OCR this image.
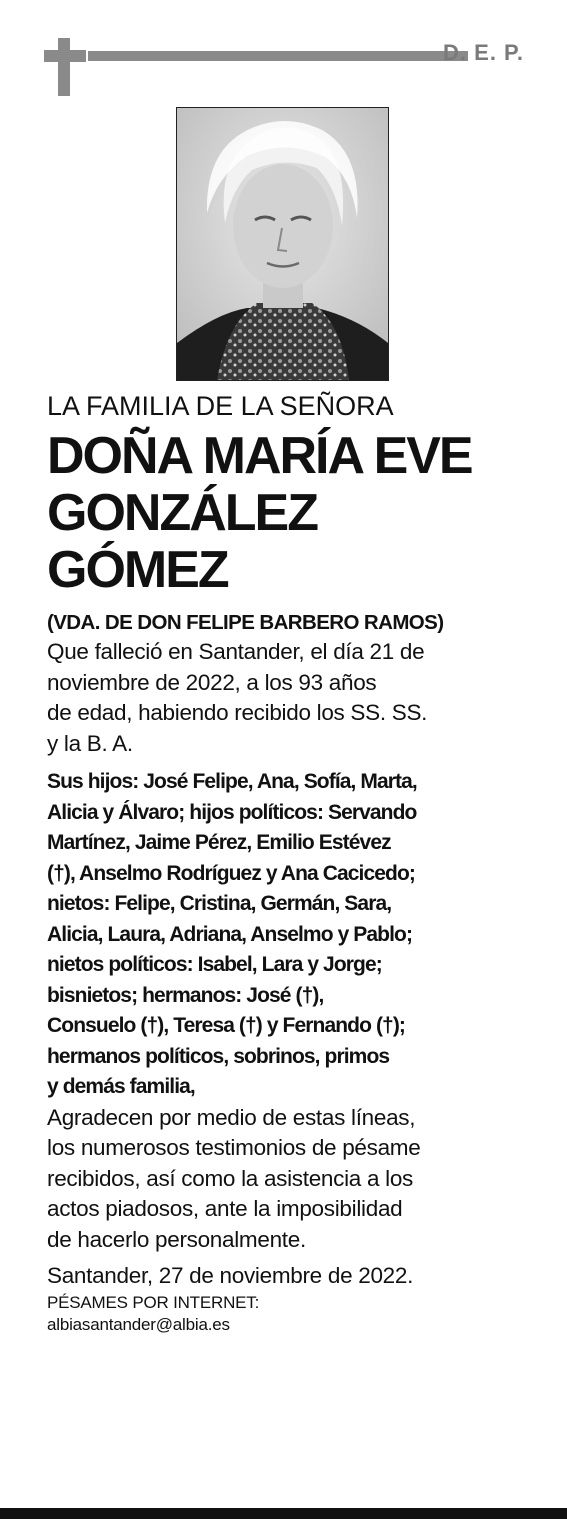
D. E. P.
LA FAMILIA DE LA SEÑORA
DOÑA MARÍA EVE
GONZÁLEZ
GÓMEZ
(VDA. DE DON FELIPE BARBERO RAMOS)
Que falleció en Santander, el día 21 de
noviembre de 2022, a los 93 años
de edad, habiendo recibido los SS. SS.
y la B. A.
Sus hijos: José Felipe, Ana, Sofía, Marta,
Alicia y Álvaro; hijos políticos: Servando
Martínez, Jaime Pérez, Emilio Estévez
(†), Anselmo Rodríguez y Ana Cacicedo;
nietos: Felipe, Cristina, Germán, Sara,
Alicia, Laura, Adriana, Anselmo y Pablo;
nietos políticos: Isabel, Lara y Jorge;
bisnietos; hermanos: José (†),
Consuelo (†), Teresa (†) y Fernando (†);
hermanos políticos, sobrinos, primos
y demás familia,
Agradecen por medio de estas líneas,
los numerosos testimonios de pésame
recibidos, así como la asistencia a los
actos piadosos, ante la imposibilidad
de hacerlo personalmente.
Santander, 27 de noviembre de 2022.
PÉSAMES POR INTERNET:
albiasantander@albia.es
